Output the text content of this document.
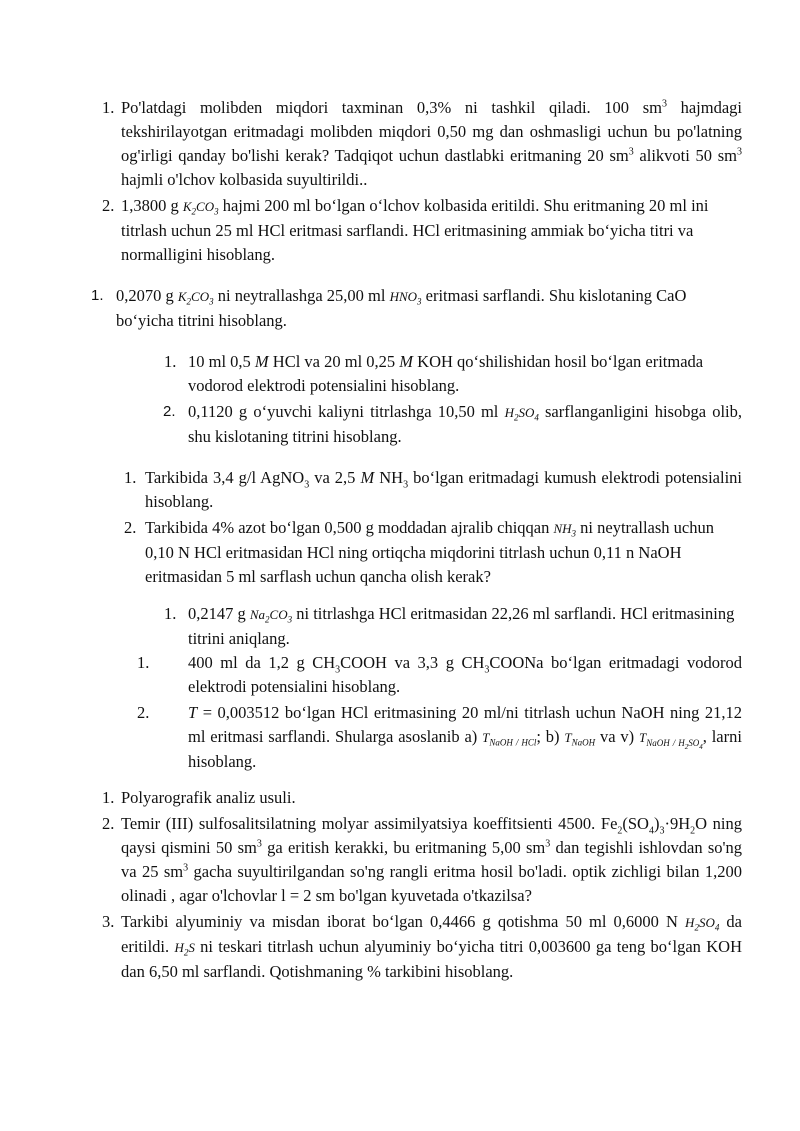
1. Po'latdagi molibden miqdori taxminan 0,3% ni tashkil qiladi. 100 $sm^3$ hajmdagi tekshirilayotgan eritmadagi molibden miqdori 0,50 mg dan oshmasligi uchun bu po'latning og'irligi qanday bo'lishi kerak? Tadqiqot uchun dastlabki eritmaning 20 $sm^3$ alikvoti 50 $sm^3$ hajmli o'lchov kolbasida suyultirildi..
2. 1,3800 g $K_2CO_3$ hajmi 200 ml bo‘lgan o‘lchov kolbasida eritildi. Shu eritmaning 20 ml ini titrlash uchun 25 ml HCl eritmasi sarflandi. HCl eritmasining ammiak bo‘yicha titri va normalligini hisoblang.
1. 0,2070 g $K_2CO_3$ ni neytrallashga 25,00 ml $HNO_3$ eritmasi sarflandi. Shu kislotaning CaO bo‘yicha titrini hisoblang.
1. 10 ml 0,5 M HCl va 20 ml 0,25 M KOH qo‘shilishidan hosil bo‘lgan eritmada vodorod elektrodi potensialini hisoblang.
2. 0,1120 g o‘yuvchi kaliyni titrlashga 10,50 ml $H_2SO_4$ sarflanganligini hisobga olib, shu kislotaning titrini hisoblang.
1. Tarkibida 3,4 g/l AgNO$_3$ va 2,5 M $NH_3$ bo‘lgan eritmadagi kumush elektrodi potensialini hisoblang.
2. Tarkibida 4% azot bo‘lgan 0,500 g moddadan ajralib chiqqan $NH_3$ ni neytrallash uchun 0,10 N HCl eritmasidan HCl ning ortiqcha miqdorini titrlash uchun 0,11 n NaOH eritmasidan 5 ml sarflash uchun qancha olish kerak?
1. 0,2147 g $Na_2CO_3$ ni titrlashga HCl eritmasidan 22,26 ml sarflandi. HCl eritmasining titrini aniqlang.
1. 400 ml da 1,2 g $CH_3COOH$ va 3,3 g $CH_3COONa$ bo‘lgan eritmadagi vodorod elektrodi potensialini hisoblang.
2. T = 0,003512 bo‘lgan HCl eritmasining 20 ml/ni titrlash uchun NaOH ning 21,12 ml eritmasi sarflandi. Shularga asoslanib a) $T_{NaOH / HCl}$; b) $T_{NaOH}$ va v) $T_{NaOH / H_2SO_4}$, larni hisoblang.
1. Polyarografik analiz usuli.
2. Temir (III) sulfosalitsilatning molyar assimilyatsiya koeffitsienti 4500. $Fe_2(SO_4)_3\cdot 9H_2O$ ning qaysi qismini 50 $sm^3$ ga eritish kerakki, bu eritmaning 5,00 $sm^3$ dan tegishli ishlovdan so'ng va 25 $sm^3$ gacha suyultirilgandan so'ng rangli eritma hosil bo'ladi. optik zichligi bilan 1,200 olinadi , agar o'lchovlar l = 2 sm bo'lgan kyuvetada o'tkazilsa?
3. Tarkibi alyuminiy va misdan iborat bo‘lgan 0,4466 g qotishma 50 ml 0,6000 N $H_2SO_4$ da eritildi. $H_2S$ ni teskari titrlash uchun alyuminiy bo‘yicha titri 0,003600 ga teng bo‘lgan KOH dan 6,50 ml sarflandi. Qotishmaning % tarkibini hisoblang.
